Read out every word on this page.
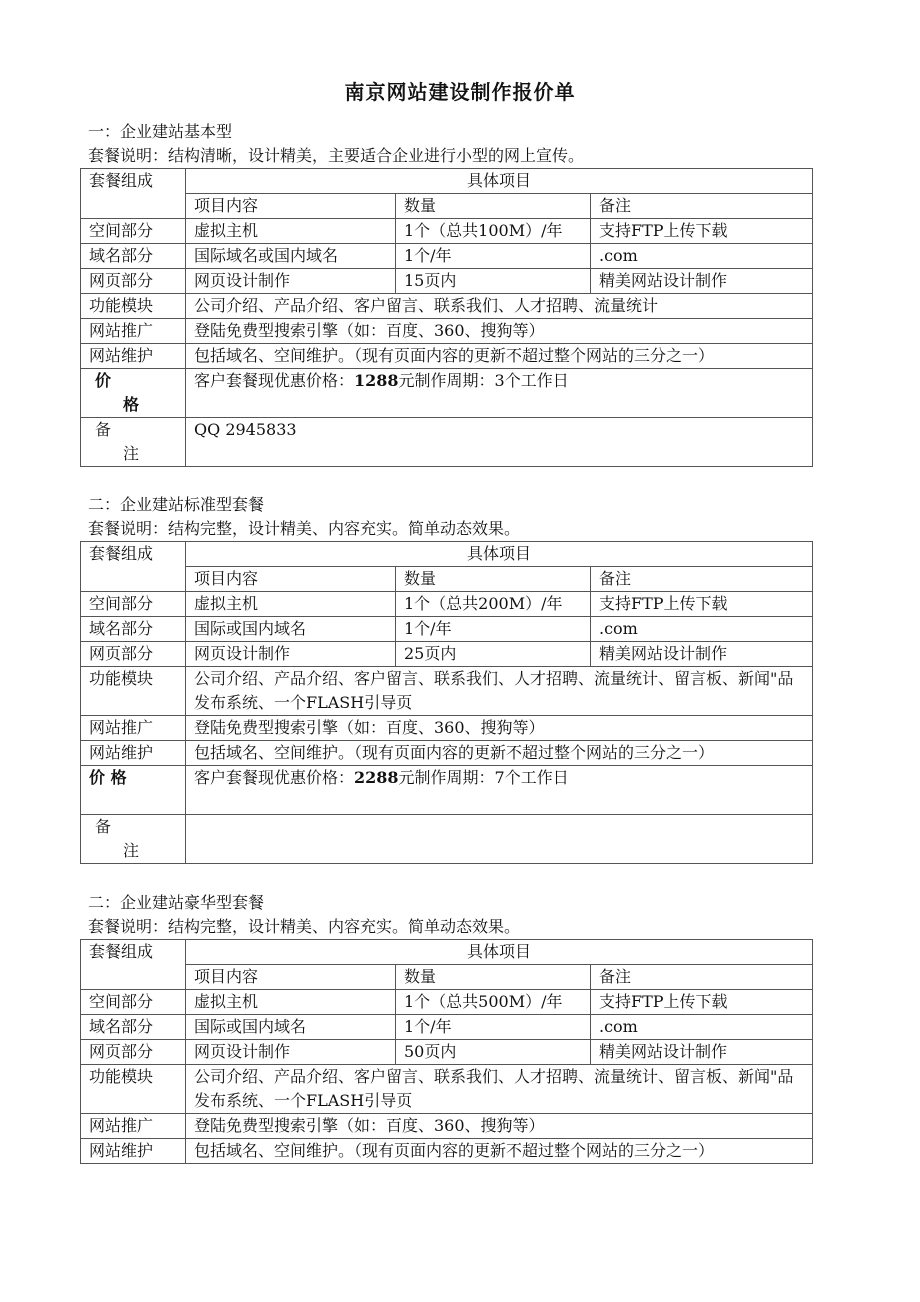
南京网站建设制作报价单
一：企业建站基本型
套餐说明：结构清晰，设计精美，主要适合企业进行小型的网上宣传。
套餐组成	具体项目		
	项目内容	数量	备注
空间部分	虚拟主机	1个（总共100M）/年	支持FTP上传下载
域名部分	国际域名或国内域名	1个/年	.com
网页部分	网页设计制作	15页内	精美网站设计制作
功能模块	公司介绍、产品介绍、客户留言、联系我们、人才招聘、流量统计		
网站推广	登陆免费型搜索引擎（如：百度、360、搜狗等）		
网站维护	包括域名、空间维护。（现有页面内容的更新不超过整个网站的三分之一）		

价
格	客户套餐现优惠价格：1288元制作周期：3个工作日		

备
注	QQ 2945833		
二：企业建站标准型套餐
套餐说明：结构完整，设计精美、内容充实。简单动态效果。
套餐组成	具体项目		
	项目内容	数量	备注
空间部分	虚拟主机	1个（总共200M）/年	支持FTP上传下载
域名部分	国际或国内域名	1个/年	.com
网页部分	网页设计制作	25页内	精美网站设计制作
功能模块	公司介绍、产品介绍、客户留言、联系我们、人才招聘、流量统计、留言板、新闻"品发布系统、一个FLASH引导页		
网站推广	登陆免费型搜索引擎（如：百度、360、搜狗等）		
网站维护	包括域名、空间维护。（现有页面内容的更新不超过整个网站的三分之一）		
价 格	客户套餐现优惠价格：2288元制作周期：7个工作日		

备
注			

二：企业建站豪华型套餐
套餐说明：结构完整，设计精美、内容充实。简单动态效果。
套餐组成	具体项目		
	项目内容	数量	备注
空间部分	虚拟主机	1个（总共500M）/年	支持FTP上传下载
域名部分	国际或国内域名	1个/年	.com
网页部分	网页设计制作	50页内	精美网站设计制作
功能模块	公司介绍、产品介绍、客户留言、联系我们、人才招聘、流量统计、留言板、新闻"品发布系统、一个FLASH引导页		
网站推广	登陆免费型搜索引擎（如：百度、360、搜狗等）		
网站维护	包括域名、空间维护。（现有页面内容的更新不超过整个网站的三分之一）		
